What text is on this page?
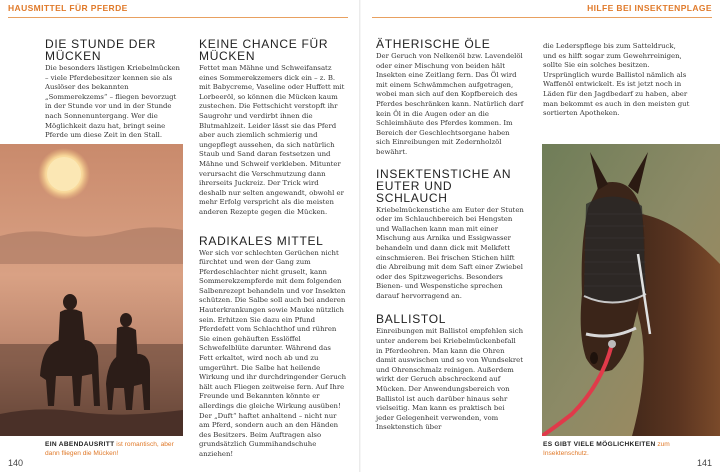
HAUSMITTEL FÜR PFERDE	HILFE BEI INSEKTENPLAGE
DIE STUNDE DER MÜCKEN

Die besonders lästigen Kriebelmücken – viele Pferdebesitzer kennen sie als Auslöser des bekannten „Sommerekzems“ – fliegen bevorzugt in der Stunde vor und in der Stunde nach Sonnenuntergang. Wer die Möglichkeit dazu hat, bringt seine Pferde um diese Zeit in den Stall.

EIN ABENDAUSRITT ist romantisch, aber dann fliegen die Mücken!
KEINE CHANCE FÜR MÜCKEN

Fettet man Mähne und Schweifansatz eines Sommerekzemers dick ein – z. B. mit Babycreme, Vaseline oder Huffett mit Lorbeeröl, so können die Mücken kaum zustechen. Die Fettschicht verstopft ihr Saugrohr und verdirbt ihnen die Blutmahlzeit. Leider lässt sie das Pferd aber auch ziemlich schmierig und ungepflegt aussehen, da sich natürlich Staub und Sand daran festsetzen und Mähne und Schweif verkleben. Mitunter verursacht die Verschmutzung dann ihrerseits Juckreiz. Der Trick wird deshalb nur selten angewandt, obwohl er mehr Erfolg verspricht als die meisten anderen Rezepte gegen die Mücken.

RADIKALES MITTEL

Wer sich vor schlechten Gerüchen nicht fürchtet und wen der Gang zum Pferdeschlachter nicht gruselt, kann Sommerekzempferde mit dem folgenden Salbenrezept behandeln und vor Insekten schützen. Die Salbe soll auch bei anderen Hauterkrankungen sowie Mauke nützlich sein. Erhitzen Sie dazu ein Pfund Pferdefett vom Schlachthof und rühren Sie einen gehäuften Esslöffel Schwefelblüte darunter. Während das Fett erkaltet, wird noch ab und zu umgerührt. Die Salbe hat heilende Wirkung und ihr durchdringender Geruch hält auch Fliegen zeitweise fern. Auf Ihre Freunde und Bekannten könnte er allerdings die gleiche Wirkung ausüben! Der „Duft“ haftet anhaltend – nicht nur am Pferd, sondern auch an den Händen des Besitzers. Beim Auftragen also grundsätzlich Gummihandschuhe anziehen!

ÄTHERISCHE ÖLE

Der Geruch von Nelkenöl bzw. Lavendelöl oder einer Mischung von beiden hält Insekten eine Zeitlang fern. Das Öl wird mit einem Schwämmchen aufgetragen, wobei man sich auf den Kopfbereich des Pferdes beschränken kann. Natürlich darf kein Öl in die Augen oder an die Schleimhäute des Pferdes kommen. Im Bereich der Geschlechtsorgane haben sich Einreibungen mit Zedernholzöl bewährt.

INSEKTENSTICHE AN EUTER UND SCHLAUCH

Kriebelmückenstiche am Euter der Stuten oder im Schlauchbereich bei Hengsten und Wallachen kann man mit einer Mischung aus Arnika und Essigwasser behandeln und dann dick mit Melkfett einschmieren. Bei frischen Stichen hilft die Abreibung mit dem Saft einer Zwiebel oder des Spitzwegerichs. Besonders Bienen- und Wespenstiche sprechen darauf hervorragend an.

BALLISTOL

Einreibungen mit Ballistol empfehlen sich unter anderem bei Kriebelmückenbefall in Pferdeohren. Man kann die Ohren damit auswischen und so von Wundsekret und Ohrenschmalz reinigen. Außerdem wirkt der Geruch abschreckend auf Mücken. Der Anwendungsbereich von Ballistol ist auch darüber hinaus sehr vielseitig. Man kann es praktisch bei jeder Gelegenheit verwenden, vom Insektenstich über

die Lederspflege bis zum Satteldruck, und es hilft sogar zum Gewehrreinigen, sollte Sie ein solches besitzen. Ursprünglich wurde Ballistol nämlich als Waffenöl entwickelt. Es ist jetzt noch in Läden für den Jagdbedarf zu haben, aber man bekommt es auch in den meisten gut sortierten Apotheken.

ES GIBT VIELE MÖGLICHKEITEN zum Insektenschutz.
140	141
